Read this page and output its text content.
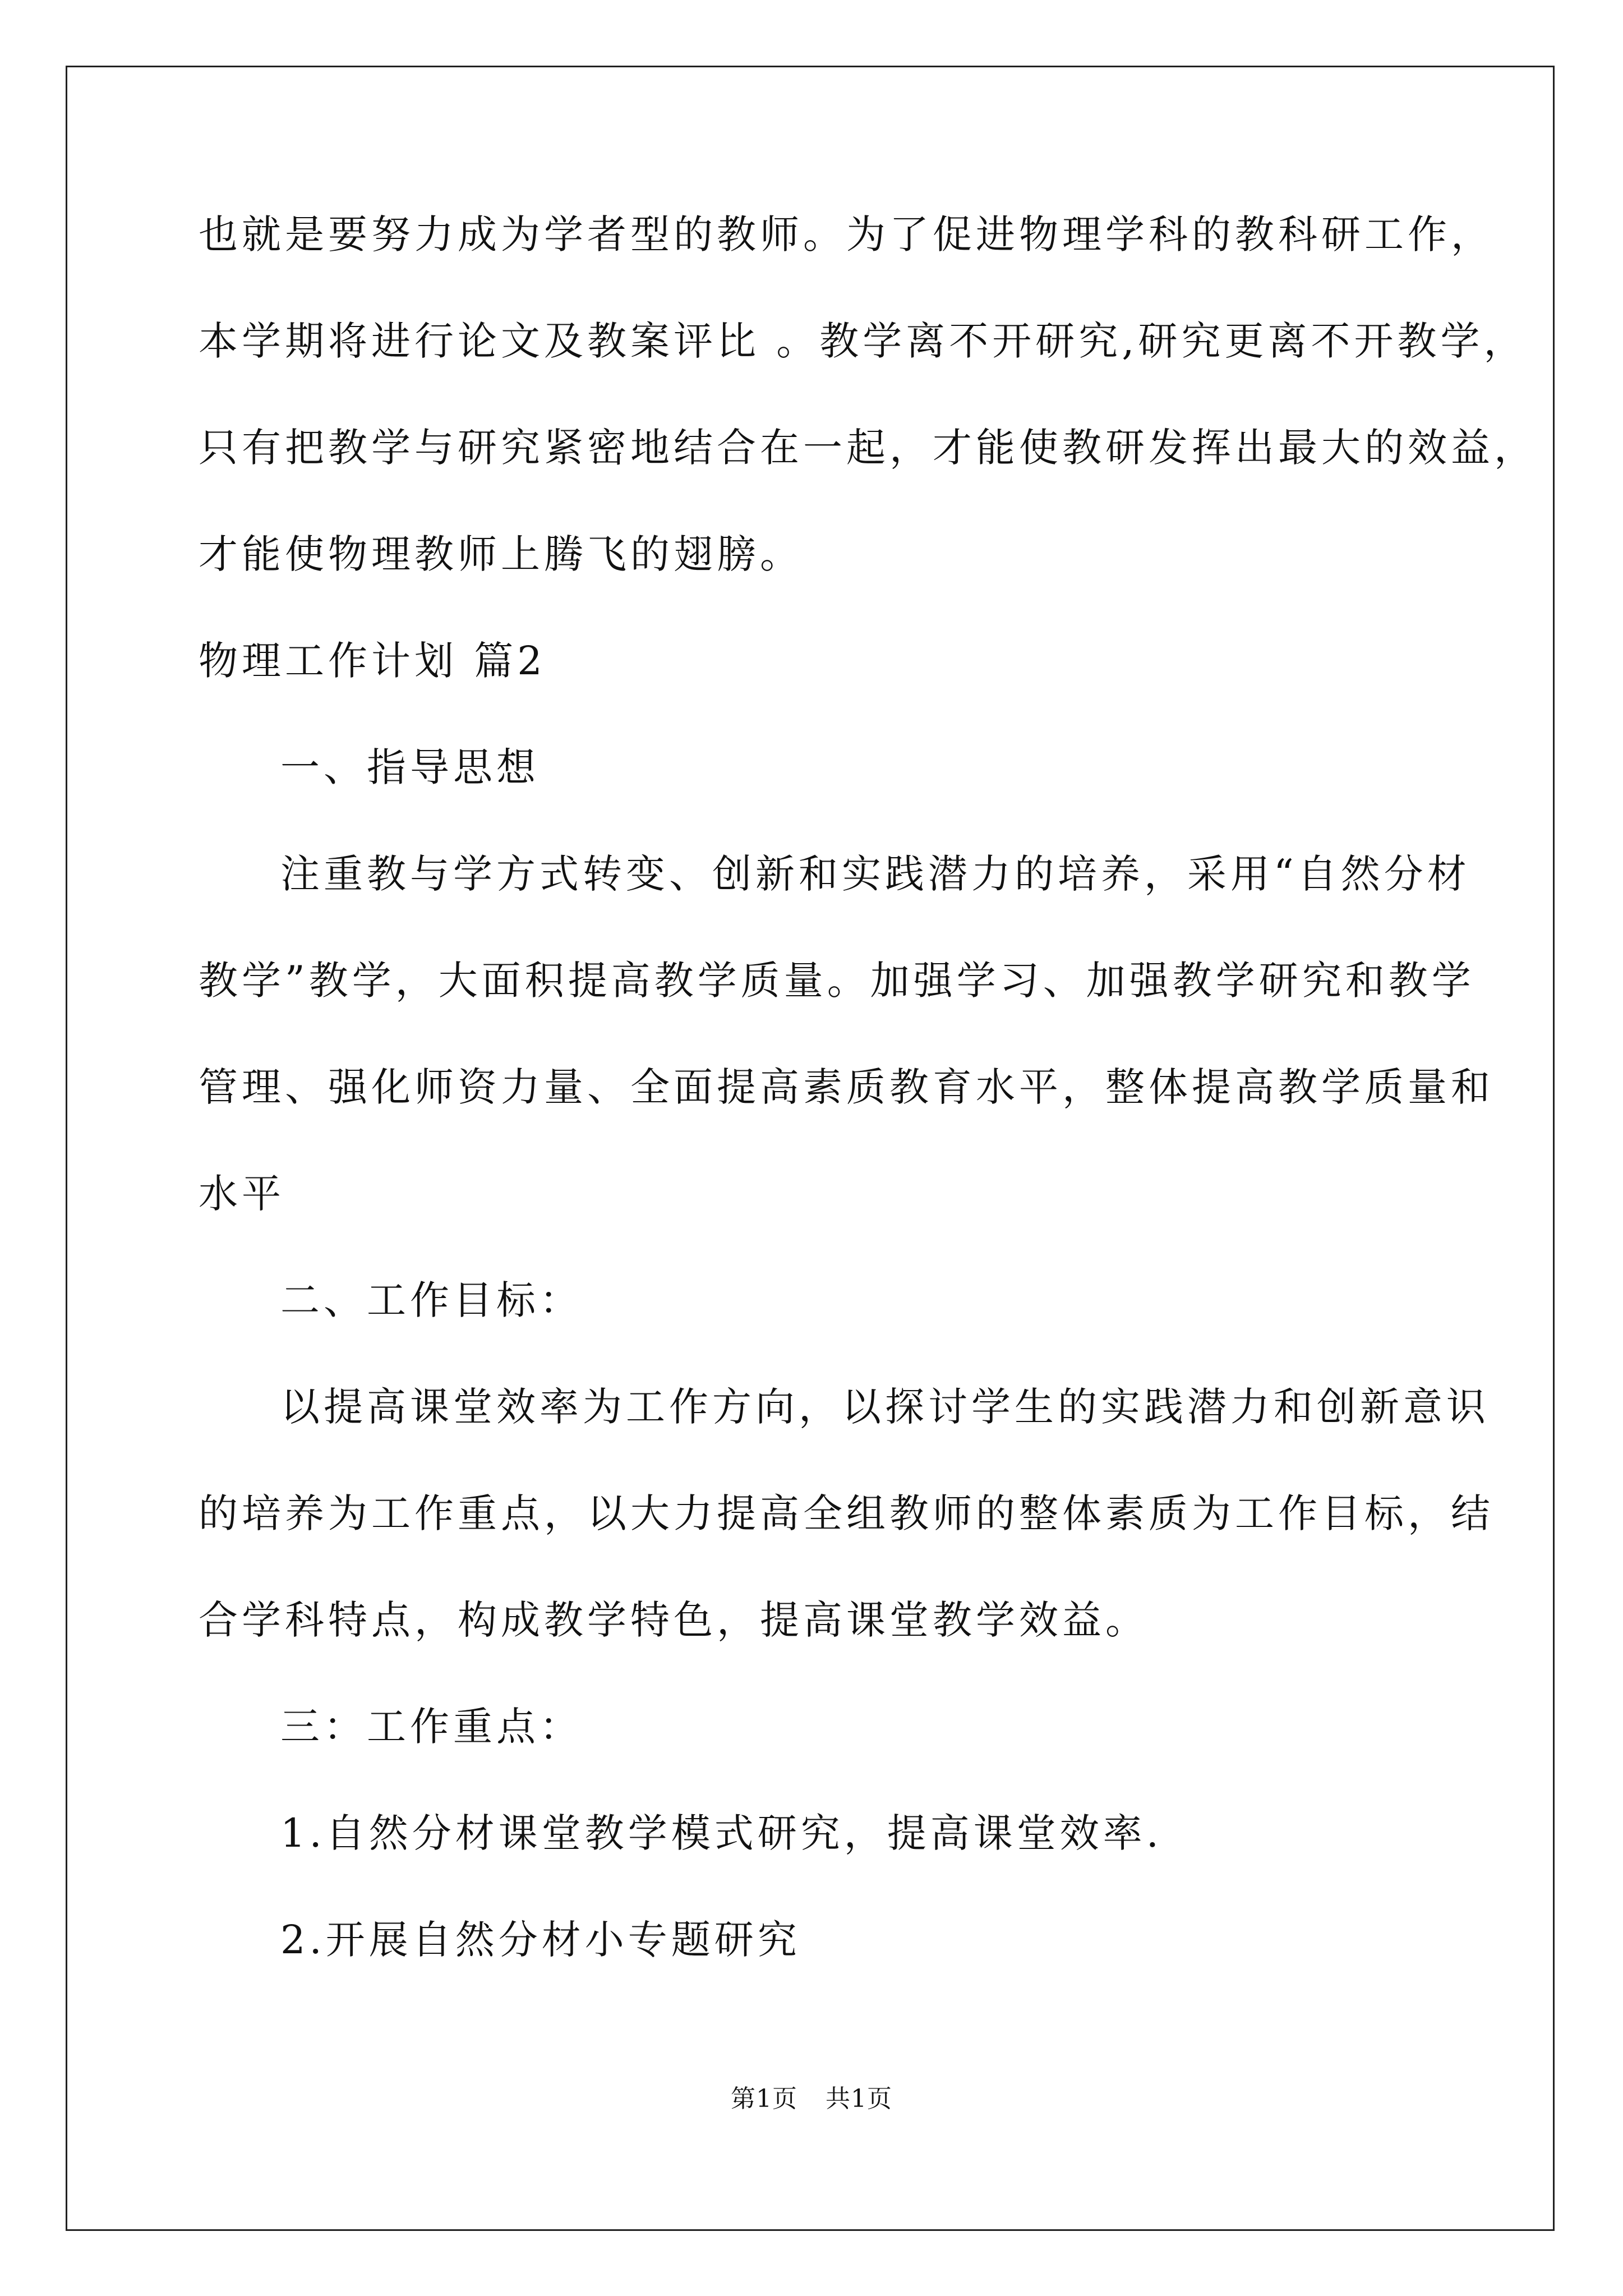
也就是要努力成为学者型的教师。为了促进物理学科的教科研工作，
本学期将进行论文及教案评比 。教学离不开研究,研究更离不开教学，
只有把教学与研究紧密地结合在一起，才能使教研发挥出最大的效益，
才能使物理教师上腾飞的翅膀。
物理工作计划 篇2
一、指导思想
注重教与学方式转变、创新和实践潜力的培养，采用“自然分材
教学”教学，大面积提高教学质量。加强学习、加强教学研究和教学
管理、强化师资力量、全面提高素质教育水平，整体提高教学质量和
水平
二、工作目标：
以提高课堂效率为工作方向，以探讨学生的实践潜力和创新意识
的培养为工作重点，以大力提高全组教师的整体素质为工作目标，结
合学科特点，构成教学特色，提高课堂教学效益。
三：工作重点：
1.自然分材课堂教学模式研究，提高课堂效率.
2.开展自然分材小专题研究
第1页 共1页
